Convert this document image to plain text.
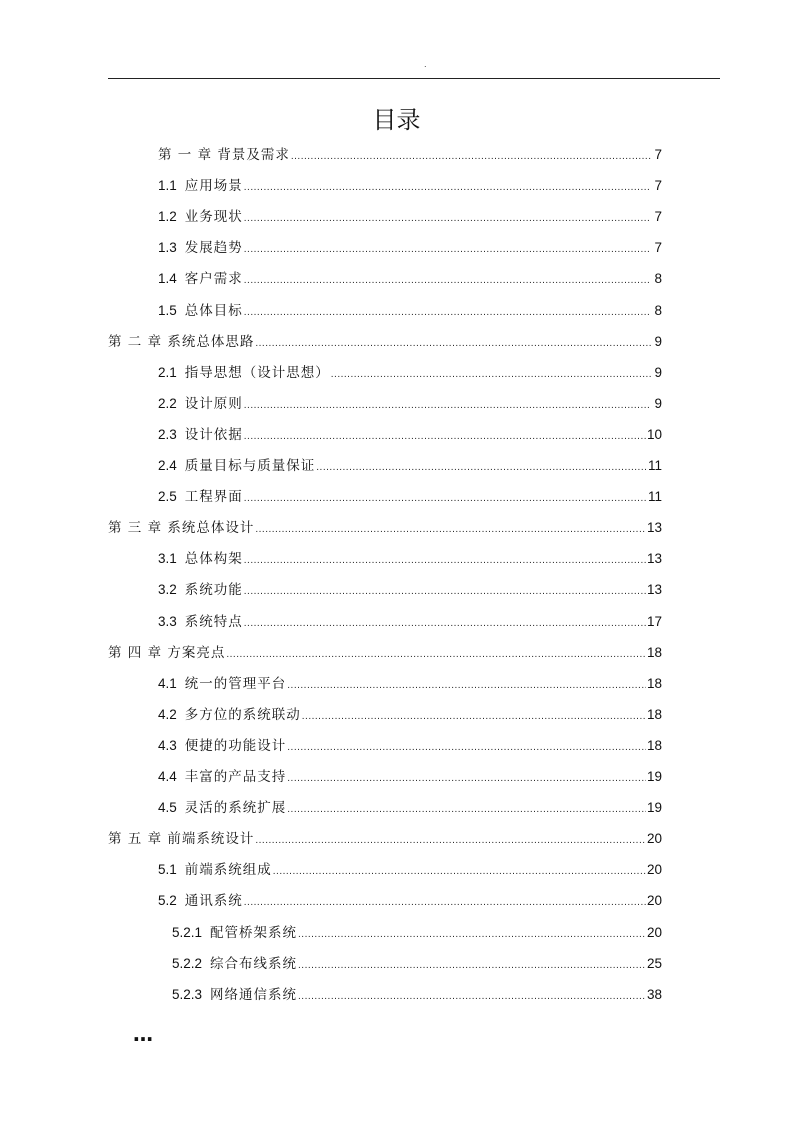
.
目录
第 一 章 背景及需求 .....	7
1.1 应用场景 .....	7
1.2 业务现状 .....	7
1.3 发展趋势 .....	7
1.4 客户需求 .....	8
1.5 总体目标 .....	8
第 二 章 系统总体思路 .....	9
2.1 指导思想（设计思想） .....	9
2.2 设计原则 .....	9
2.3 设计依据 .....	10
2.4 质量目标与质量保证 .....	11
2.5 工程界面 .....	11
第 三 章 系统总体设计 .....	13
3.1 总体构架 .....	13
3.2 系统功能 .....	13
3.3 系统特点 .....	17
第 四 章 方案亮点 .....	18
4.1 统一的管理平台 .....	18
4.2 多方位的系统联动 .....	18
4.3 便捷的功能设计 .....	18
4.4 丰富的产品支持 .....	19
4.5 灵活的系统扩展 .....	19
第 五 章 前端系统设计 .....	20
5.1 前端系统组成 .....	20
5.2 通讯系统 .....	20
5.2.1 配管桥架系统 .....	20
5.2.2 综合布线系统 .....	25
5.2.3 网络通信系统 .....	38
…
